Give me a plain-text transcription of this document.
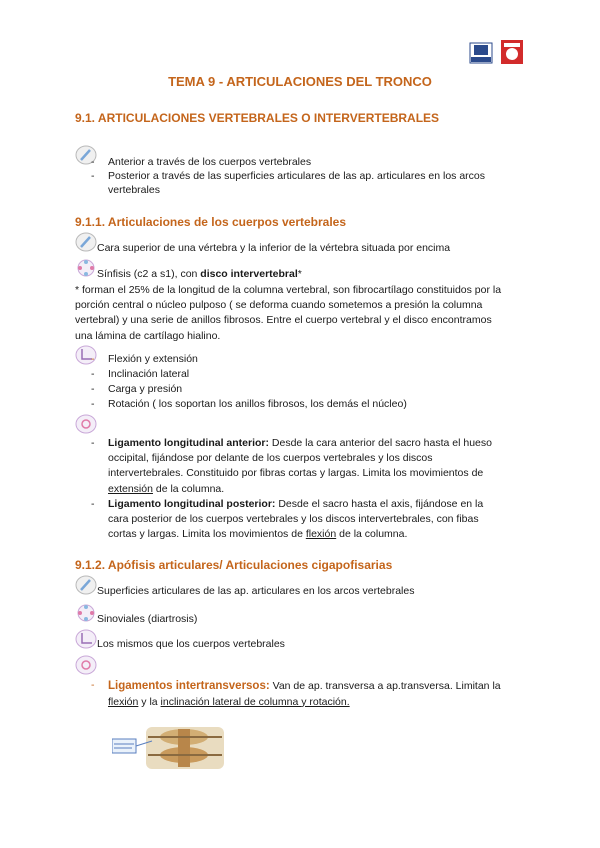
TEMA 9 - ARTICULACIONES DEL TRONCO
9.1. ARTICULACIONES VERTEBRALES O INTERVERTEBRALES
- Anterior a través de los cuerpos vertebrales
- Posterior a través de las superficies articulares de las ap. articulares en los arcos
vertebrales
9.1.1. Articulaciones de los cuerpos vertebrales
Cara superior de una vértebra y la inferior de la vértebra situada por encima
Sínfisis (c2 a s1), con disco intervertebral*
* forman el 25% de la longitud de la columna vertebral, son fibrocartílago constituidos por la
porción central o núcleo pulposo ( se deforma cuando sometemos a presión la columna
vertebral) y una serie de anillos fibrosos. Entre el cuerpo vertebral y el disco encontramos
una lámina de cartílago hialino.
- Flexión y extensión
- Inclinación lateral
- Carga y presión
- Rotación ( los soportan los anillos fibrosos, los demás el núcleo)
- Ligamento longitudinal anterior: Desde la cara anterior del sacro hasta el hueso
occipital, fijándose por delante de los cuerpos vertebrales y los discos
intervertebrales. Constituido por fibras cortas y largas. Limita los movimientos de
extensión de la columna.
- Ligamento longitudinal posterior: Desde el sacro hasta el axis, fijándose en la
cara posterior de los cuerpos vertebrales y los discos intervertebrales, con fibas
cortas y largas. Limita los movimientos de flexión de la columna.
9.1.2. Apófisis articulares/ Articulaciones cigapofisarias
Superficies articulares de las ap. articulares en los arcos vertebrales
Sinoviales (diartrosis)
Los mismos que los cuerpos vertebrales
- Ligamentos intertransversos: Van de ap. transversa a ap.transversa. Limitan la
flexión y la inclinación lateral de columna y rotación.
